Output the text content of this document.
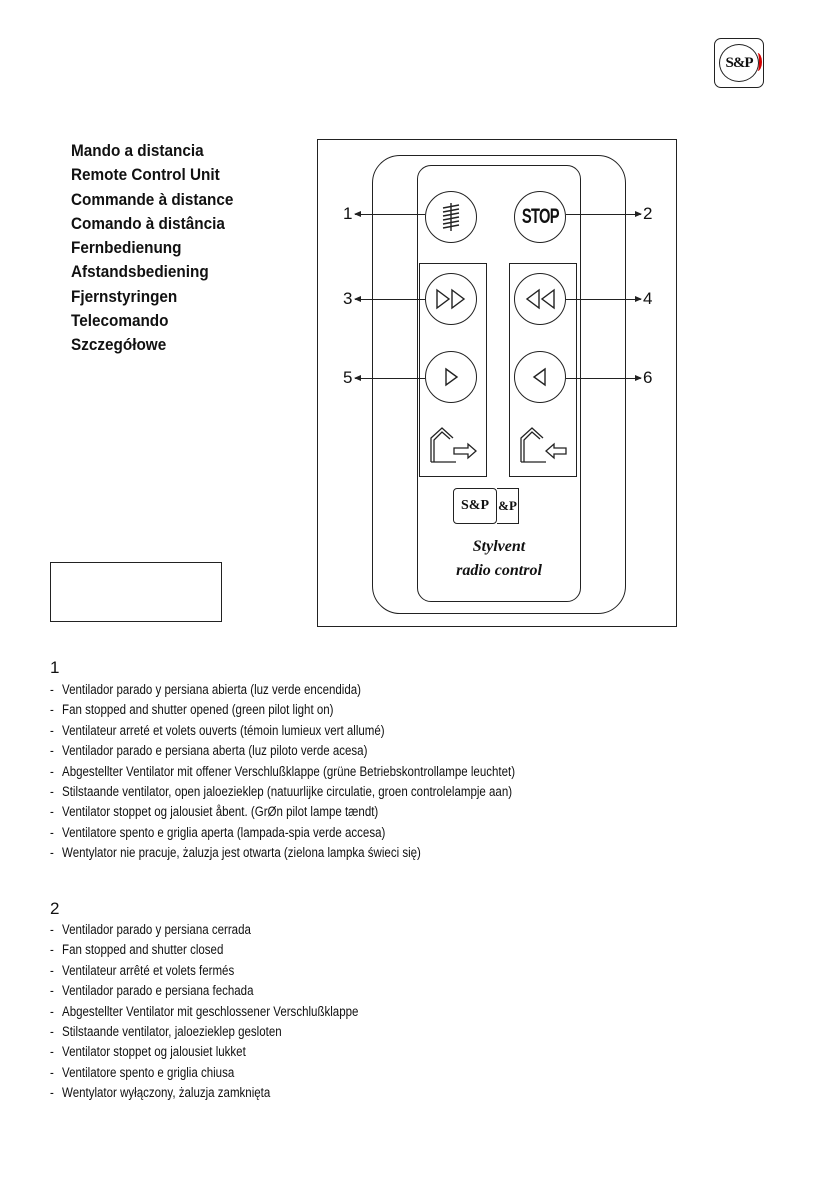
S&P
Mando a distancia
Remote Control Unit
Commande à distance
Comando à distância
Fernbedienung
Afstandsbediening
Fjernstyringen
Telecomando
Szczegółowe
STOP
1	2
3	4
5	6
S&P &P
Stylvent
radio control
1
- Ventilador parado y persiana abierta (luz verde encendida)
- Fan stopped and shutter opened (green pilot light on)
- Ventilateur arreté et volets ouverts (témoin lumieux vert allumé)
- Ventilador parado e persiana aberta (luz piloto verde acesa)
- Abgestellter Ventilator mit offener Verschlußklappe (grüne Betriebskontrollampe leuchtet)
- Stilstaande ventilator, open jaloezieklep (natuurlijke circulatie, groen controlelampje aan)
- Ventilator stoppet og jalousiet åbent. (GrØn pilot lampe tændt)
- Ventilatore spento e griglia aperta (lampada-spia verde accesa)
- Wentylator nie pracuje, żaluzja jest otwarta (zielona lampka świeci się)
2
- Ventilador parado y persiana cerrada
- Fan stopped and shutter closed
- Ventilateur arrêté et volets fermés
- Ventilador parado e persiana fechada
- Abgestellter Ventilator mit geschlossener Verschlußklappe
- Stilstaande ventilator, jaloezieklep gesloten
- Ventilator stoppet og jalousiet lukket
- Ventilatore spento e griglia chiusa
- Wentylator wyłączony, żaluzja zamknięta
